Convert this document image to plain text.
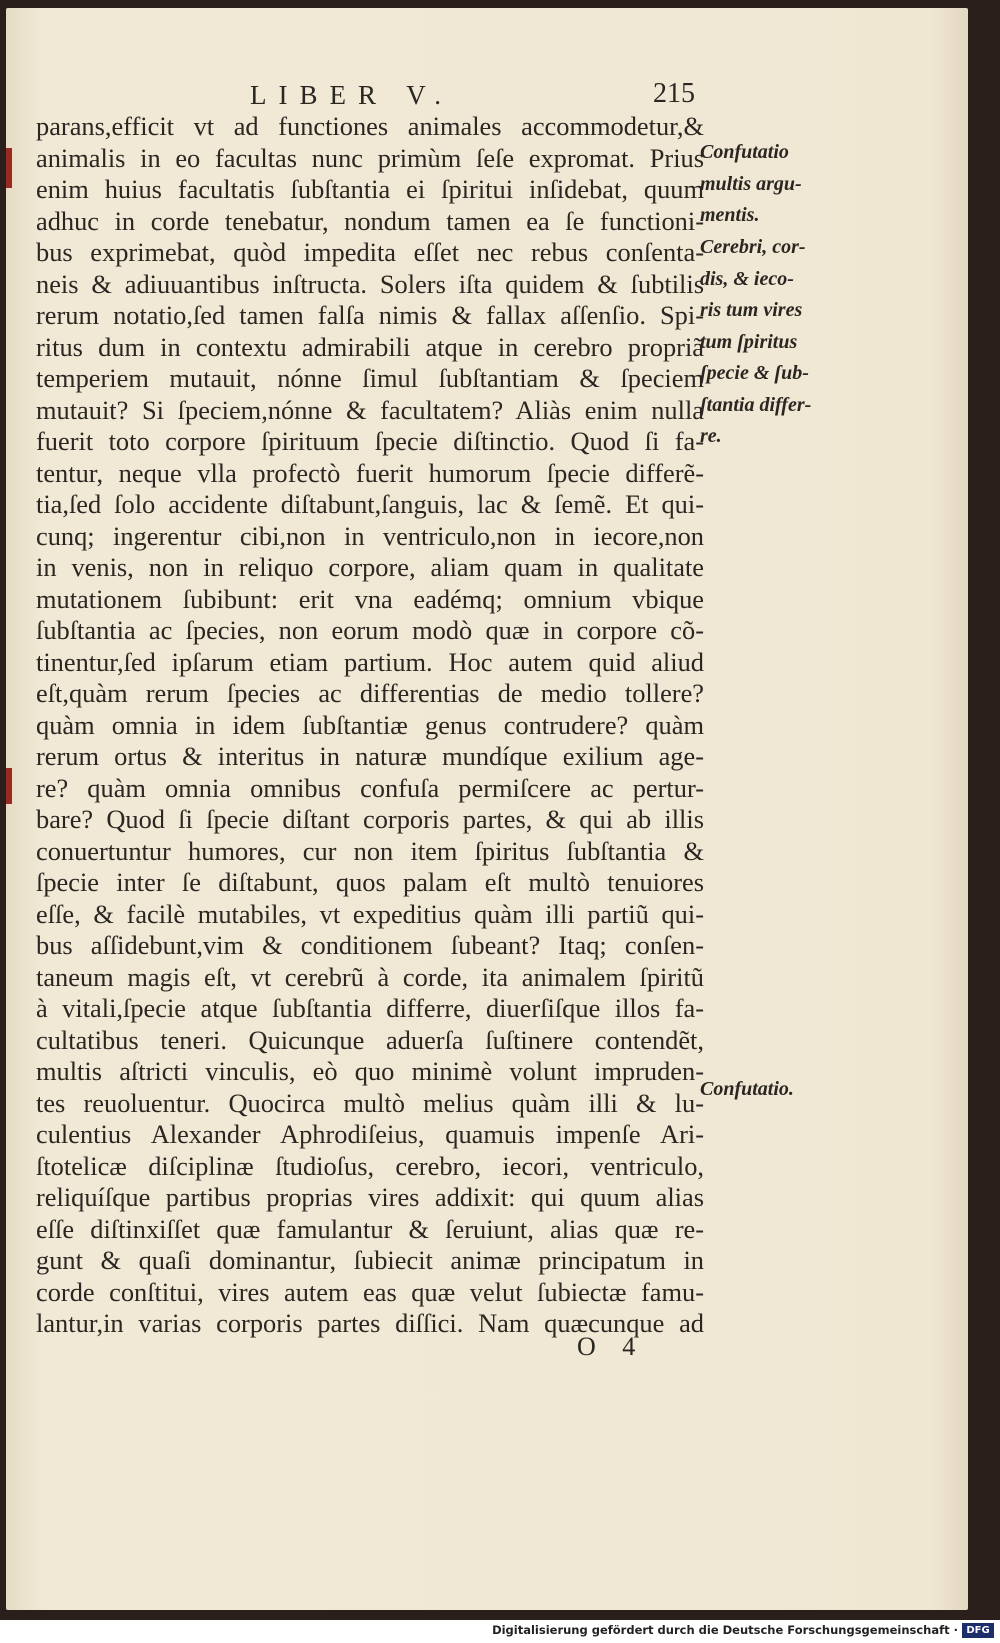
LIBER V.	215
parans,efficit vt ad functiones animales accommodetur,&
animalis in eo facultas nunc primùm ſeſe expromat. Prius
enim huius facultatis ſubſtantia ei ſpiritui inſidebat, quum
adhuc in corde tenebatur, nondum tamen ea ſe functioni-
bus exprimebat, quòd impedita eſſet nec rebus conſenta-
neis & adiuuantibus inſtructa. Solers iſta quidem & ſubtilis
rerum notatio,ſed tamen falſa nimis & fallax aſſenſio. Spi-
ritus dum in contextu admirabili atque in cerebro propriã
temperiem mutauit, nónne ſimul ſubſtantiam & ſpeciem
mutauit? Si ſpeciem,nónne & facultatem? Aliàs enim nulla
fuerit toto corpore ſpirituum ſpecie diſtinctio. Quod ſi fa-
tentur, neque vlla profectò fuerit humorum ſpecie differẽ-
tia,ſed ſolo accidente diſtabunt,ſanguis, lac & ſemẽ. Et qui-
cunq; ingerentur cibi,non in ventriculo,non in iecore,non
in venis, non in reliquo corpore, aliam quam in qualitate
mutationem ſubibunt: erit vna eadémq; omnium vbique
ſubſtantia ac ſpecies, non eorum modò quæ in corpore cõ-
tinentur,ſed ipſarum etiam partium. Hoc autem quid aliud
eſt,quàm rerum ſpecies ac differentias de medio tollere?
quàm omnia in idem ſubſtantiæ genus contrudere? quàm
rerum ortus & interitus in naturæ mundíque exilium age-
re? quàm omnia omnibus confuſa permiſcere ac pertur-
bare? Quod ſi ſpecie diſtant corporis partes, & qui ab illis
conuertuntur humores, cur non item ſpiritus ſubſtantia &
ſpecie inter ſe diſtabunt, quos palam eſt multò tenuiores
eſſe, & facilè mutabiles, vt expeditius quàm illi partiũ qui-
bus aſſidebunt,vim & conditionem ſubeant? Itaq; conſen-
taneum magis eſt, vt cerebrũ à corde, ita animalem ſpiritũ
à vitali,ſpecie atque ſubſtantia differre, diuerſiſque illos fa-
cultatibus teneri. Quicunque aduerſa ſuſtinere contendẽt,
multis aſtricti vinculis, eò quo minimè volunt impruden-
tes reuoluentur. Quocirca multò melius quàm illi & lu-
culentius Alexander Aphrodiſeius, quamuis impenſe Ari-
ſtotelicæ diſciplinæ ſtudioſus, cerebro, iecori, ventriculo,
reliquíſque partibus proprias vires addixit: qui quum alias
eſſe diſtinxiſſet quæ famulantur & ſeruiunt, alias quæ re-
gunt & quaſi dominantur, ſubiecit animæ principatum in
corde conſtitui, vires autem eas quæ velut ſubiectæ famu-
lantur,in varias corporis partes diſſici. Nam quæcunque ad
Confutatio
multis argu-
mentis.
Cerebri, cor-
dis, & ieco-
ris tum vires
tum ſpiritus
ſpecie & ſub-
ſtantia differ-
re.
Confutatio.
O 4
Digitalisierung gefördert durch die Deutsche Forschungsgemeinschaft · DFG
